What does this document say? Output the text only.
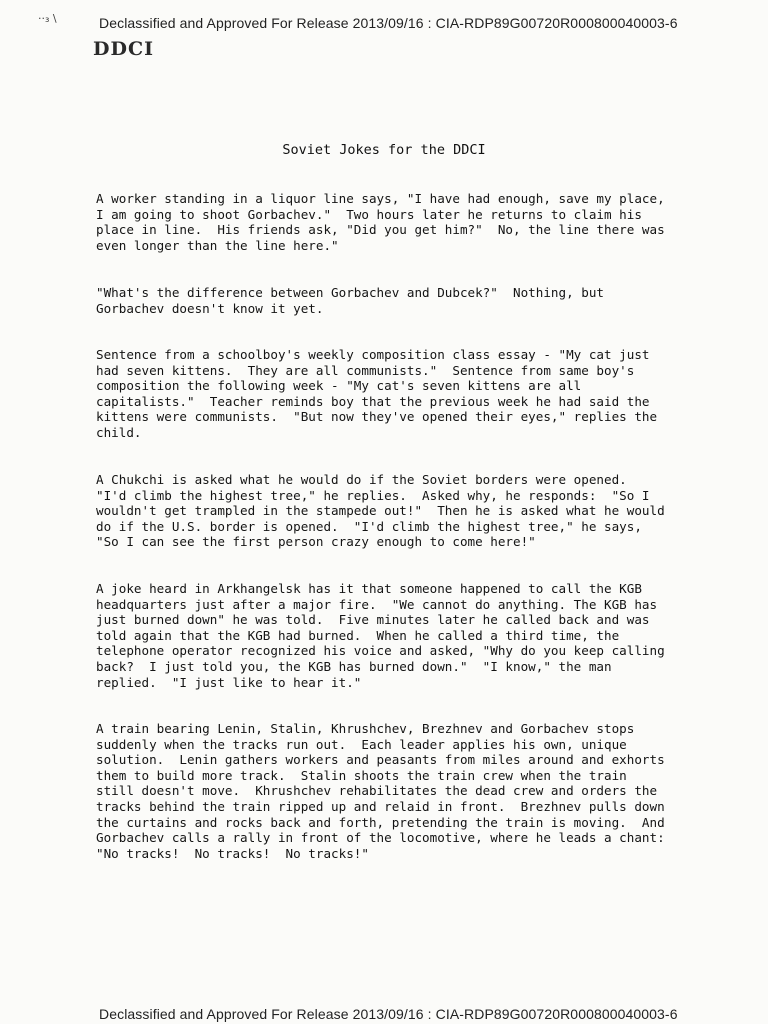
··₃ \	Declassified and Approved For Release 2013/09/16 : CIA-RDP89G00720R000800040003-6
DDCI
Soviet Jokes for the DDCI
A worker standing in a liquor line says, "I have had enough, save my place,
I am going to shoot Gorbachev."  Two hours later he returns to claim his
place in line.  His friends ask, "Did you get him?"  No, the line there was
even longer than the line here."
"What's the difference between Gorbachev and Dubcek?"  Nothing, but
Gorbachev doesn't know it yet.
Sentence from a schoolboy's weekly composition class essay - "My cat just
had seven kittens.  They are all communists."  Sentence from same boy's
composition the following week - "My cat's seven kittens are all
capitalists."  Teacher reminds boy that the previous week he had said the
kittens were communists.  "But now they've opened their eyes," replies the
child.
A Chukchi is asked what he would do if the Soviet borders were opened.
"I'd climb the highest tree," he replies.  Asked why, he responds:  "So I
wouldn't get trampled in the stampede out!"  Then he is asked what he would
do if the U.S. border is opened.  "I'd climb the highest tree," he says,
"So I can see the first person crazy enough to come here!"
A joke heard in Arkhangelsk has it that someone happened to call the KGB
headquarters just after a major fire.  "We cannot do anything. The KGB has
just burned down" he was told.  Five minutes later he called back and was
told again that the KGB had burned.  When he called a third time, the
telephone operator recognized his voice and asked, "Why do you keep calling
back?  I just told you, the KGB has burned down."  "I know," the man
replied.  "I just like to hear it."
A train bearing Lenin, Stalin, Khrushchev, Brezhnev and Gorbachev stops
suddenly when the tracks run out.  Each leader applies his own, unique
solution.  Lenin gathers workers and peasants from miles around and exhorts
them to build more track.  Stalin shoots the train crew when the train
still doesn't move.  Khrushchev rehabilitates the dead crew and orders the
tracks behind the train ripped up and relaid in front.  Brezhnev pulls down
the curtains and rocks back and forth, pretending the train is moving.  And
Gorbachev calls a rally in front of the locomotive, where he leads a chant:
"No tracks!  No tracks!  No tracks!"
Declassified and Approved For Release 2013/09/16 : CIA-RDP89G00720R000800040003-6
